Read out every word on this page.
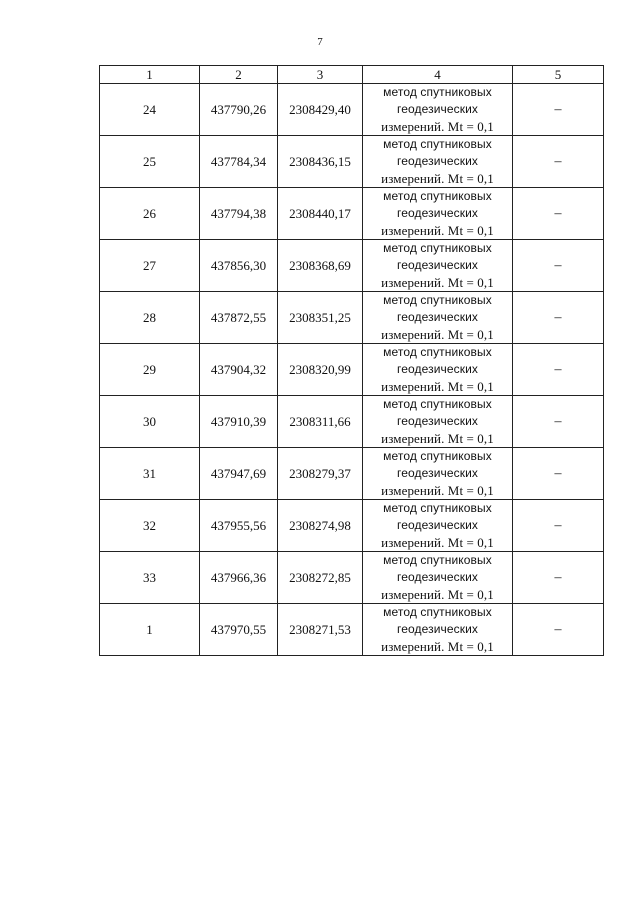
7
1	2	3	4	5
24	437790,26	2308429,40	метод спутниковых
геодезических
измерений. Mt = 0,1	–
25	437784,34	2308436,15	метод спутниковых
геодезических
измерений. Mt = 0,1	–
26	437794,38	2308440,17	метод спутниковых
геодезических
измерений. Mt = 0,1	–
27	437856,30	2308368,69	метод спутниковых
геодезических
измерений. Mt = 0,1	–
28	437872,55	2308351,25	метод спутниковых
геодезических
измерений. Mt = 0,1	–
29	437904,32	2308320,99	метод спутниковых
геодезических
измерений. Mt = 0,1	–
30	437910,39	2308311,66	метод спутниковых
геодезических
измерений. Mt = 0,1	–
31	437947,69	2308279,37	метод спутниковых
геодезических
измерений. Mt = 0,1	–
32	437955,56	2308274,98	метод спутниковых
геодезических
измерений. Mt = 0,1	–
33	437966,36	2308272,85	метод спутниковых
геодезических
измерений. Mt = 0,1	–
1	437970,55	2308271,53	метод спутниковых
геодезических
измерений. Mt = 0,1	–
